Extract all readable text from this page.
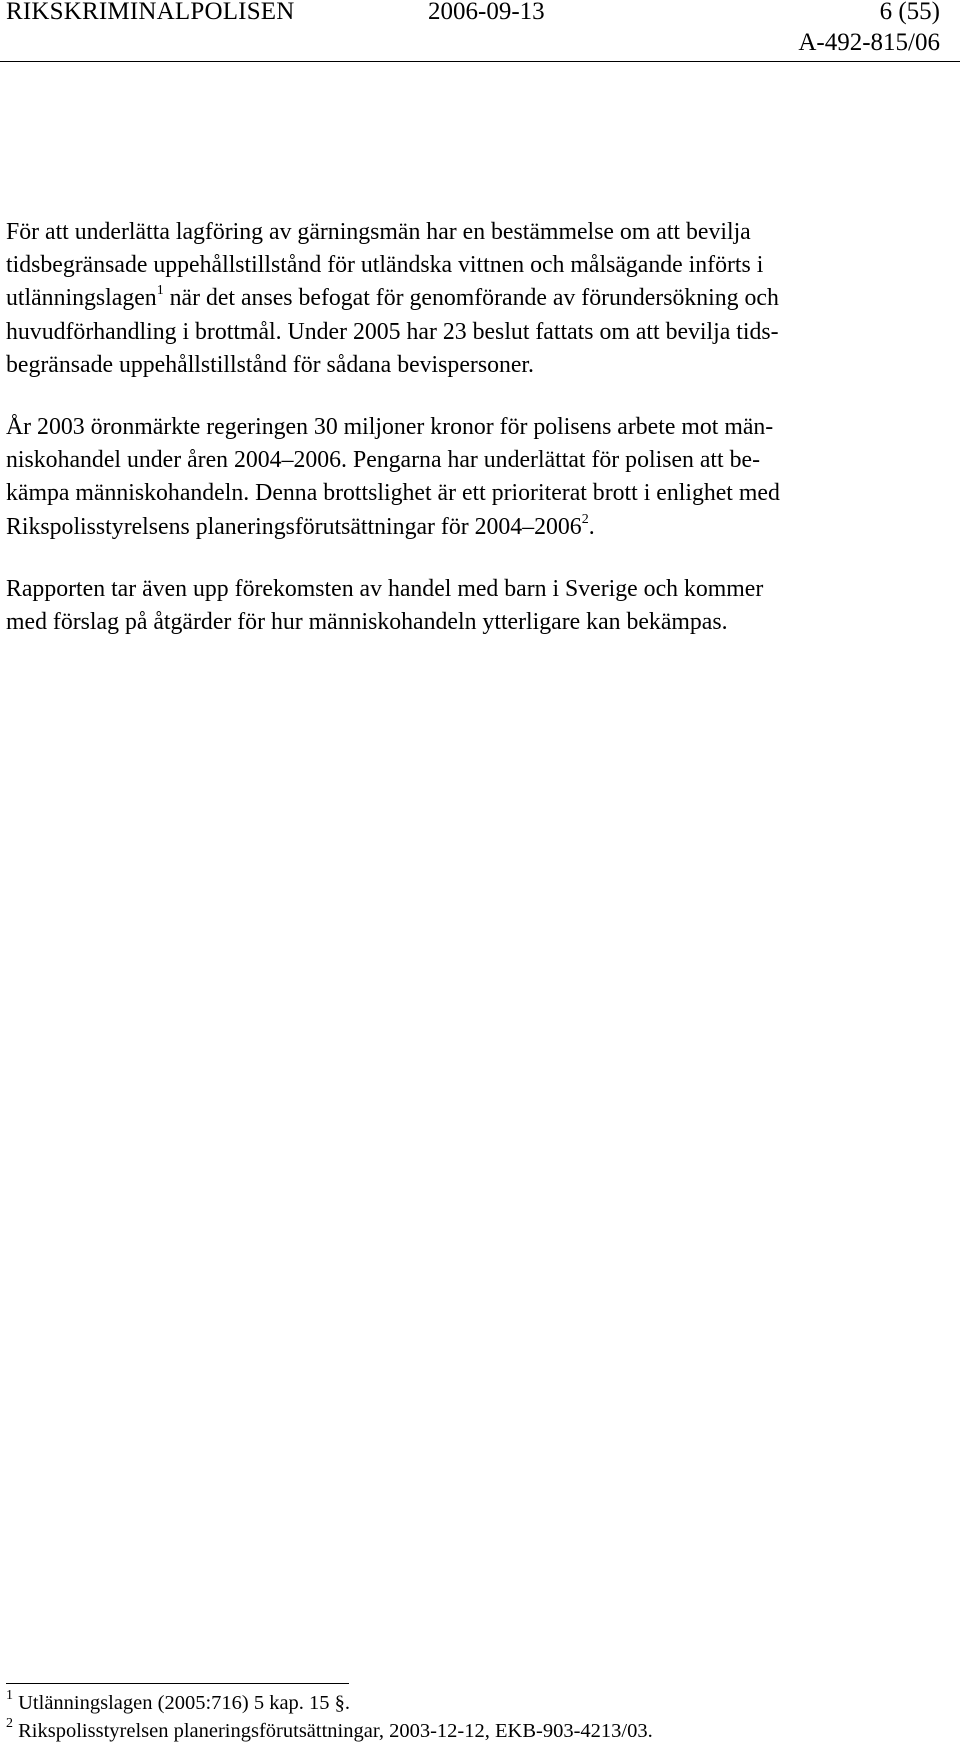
RIKSKRIMINALPOLISEN	2006-09-13	6 (55)
A-492-815/06

För att underlätta lagföring av gärningsmän har en bestämmelse om att bevilja
tidsbegränsade uppehållstillstånd för utländska vittnen och målsägande införts i
utlänningslagen$^1$ när det anses befogat för genomförande av förundersökning och
huvudförhandling i brottmål. Under 2005 har 23 beslut fattats om att bevilja tids-
begränsade uppehållstillstånd för sådana bevispersoner.

År 2003 öronmärkte regeringen 30 miljoner kronor för polisens arbete mot män-
niskohandel under åren 2004–2006. Pengarna har underlättat för polisen att be-
kämpa människohandeln. Denna brottslighet är ett prioriterat brott i enlighet med
Rikspolisstyrelsens planeringsförutsättningar för 2004–2006$^2$.

Rapporten tar även upp förekomsten av handel med barn i Sverige och kommer
med förslag på åtgärder för hur människohandeln ytterligare kan bekämpas.

$^1$ Utlänningslagen (2005:716) 5 kap. 15 §.
$^2$ Rikspolisstyrelsen planeringsförutsättningar, 2003-12-12, EKB-903-4213/03.
